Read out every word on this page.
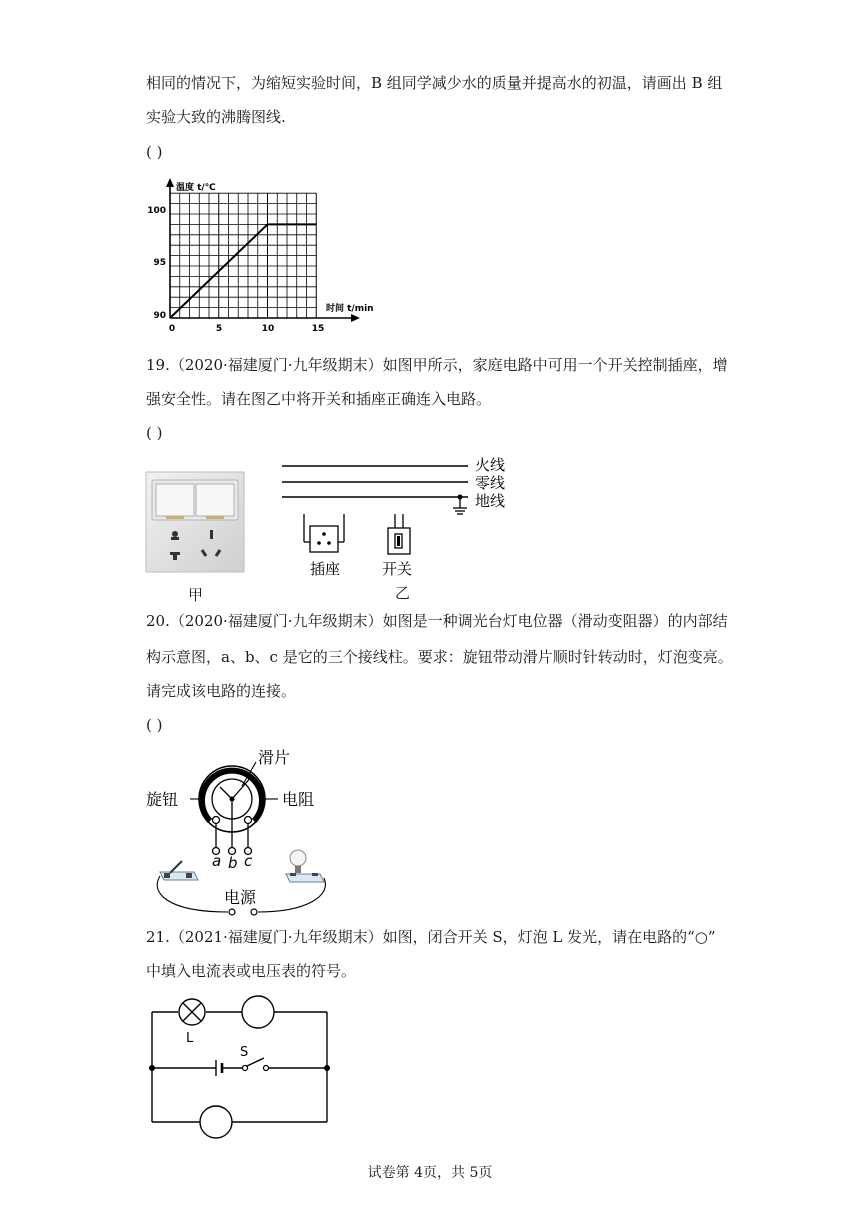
相同的情况下，为缩短实验时间，B 组同学减少水的质量并提高水的初温，请画出 B 组
实验大致的沸腾图线.
( )
温度 t/℃
时间 t/min
100
95
90
0	5	10	15
19.（2020·福建厦门·九年级期末）如图甲所示，家庭电路中可用一个开关控制插座，增
强安全性。请在图乙中将开关和插座正确连入电路。
( )
甲
火线
零线
地线
插座	开关
乙
20.（2020·福建厦门·九年级期末）如图是一种调光台灯电位器（滑动变阻器）的内部结
构示意图，a、b、c 是它的三个接线柱。要求：旋钮带动滑片顺时针转动时，灯泡变亮。
请完成该电路的连接。
( )
滑片
旋钮	电阻
a b c
电源
21.（2021·福建厦门·九年级期末）如图，闭合开关 S，灯泡 L 发光，请在电路的“○”
中填入电流表或电压表的符号。
L
S
试卷第 4页，共 5页
